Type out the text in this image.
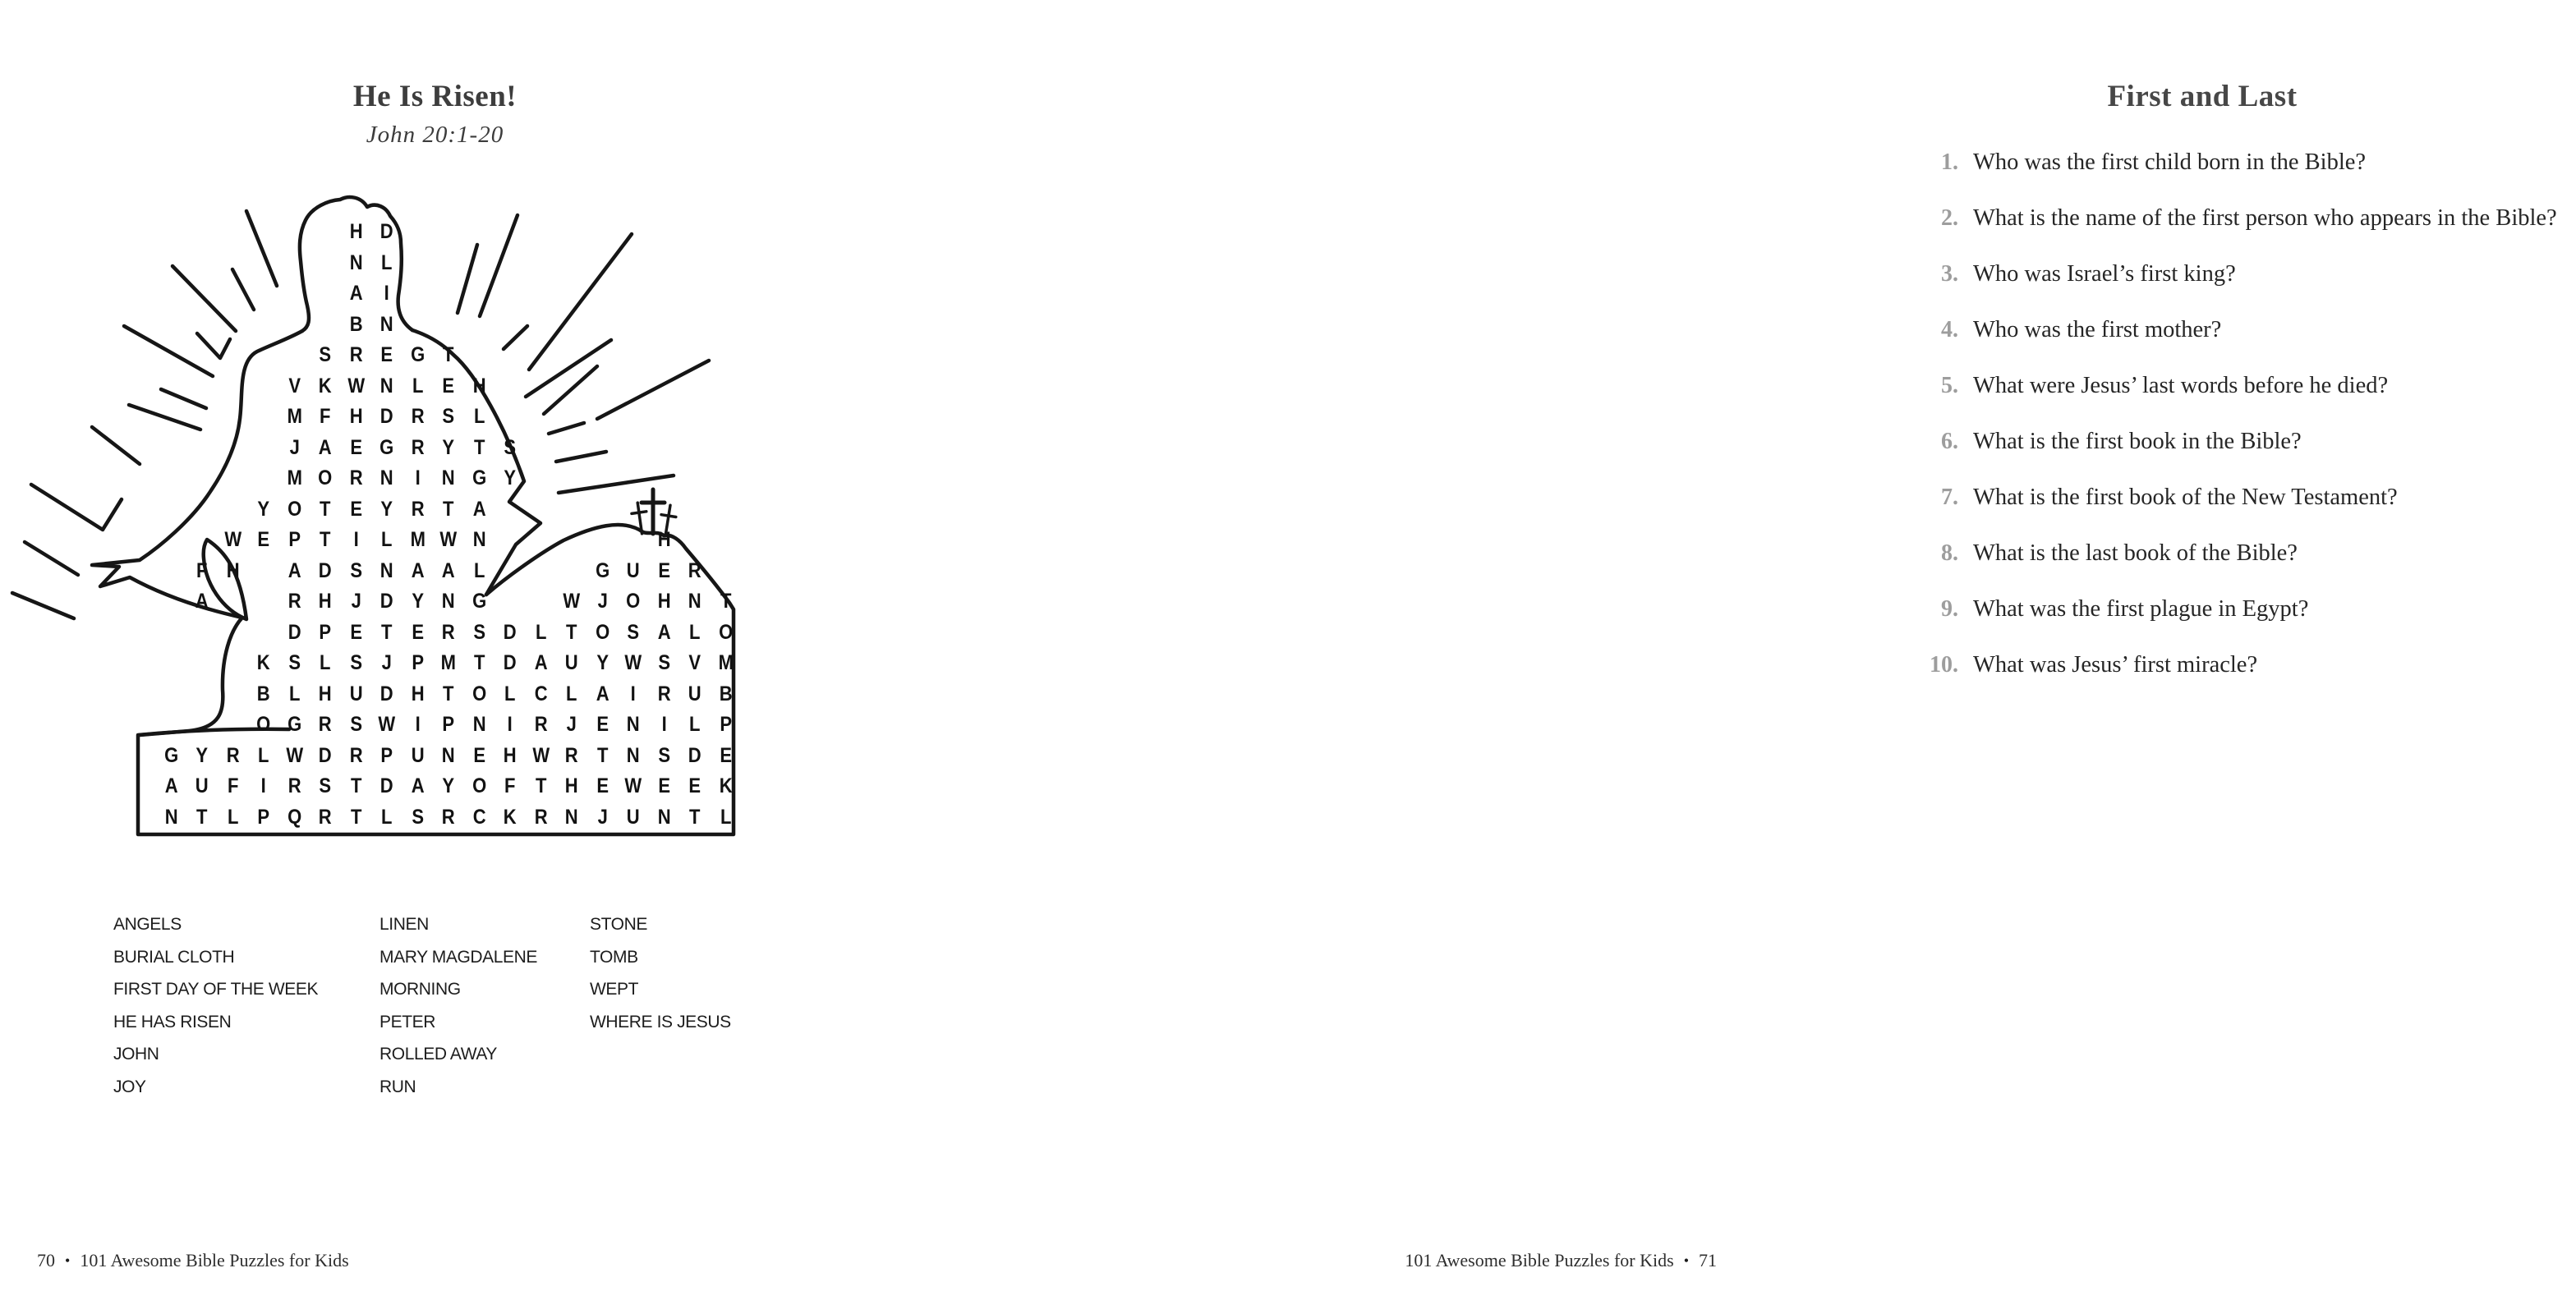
He Is Risen!
John 20:1-20
H D
N L
A	I
B N
S R E G T
V K W N L E H
M F H D R S L
J A E G R Y T S
M O R N	I	N G Y
Y O T E Y R T A
W E P T	I	L M W N	H
F H	A D S N A A L	G U E R
A	R H J D Y N G	W J O H N T
D P E T E R S D L T O S A L O
K S L S J P M T D A U Y W S V M
B L H U D H T O L C L A	I	R U B
O G R S W I	P N	I	R J E N	I	L P
G Y R L W D R P U N E H W R T N S D E
A U F	I	R S T D A Y O F T H E W E E K
N T L P Q R T L S R C K R N J U N T L
ANGELS
BURIAL CLOTH
FIRST DAY OF THE WEEK
HE HAS RISEN
JOHN
JOY
LINEN
MARY MAGDALENE
MORNING
PETER
ROLLED AWAY
RUN
STONE
TOMB
WEPT
WHERE IS JESUS
70 • 101 Awesome Bible Puzzles for Kids
First and Last
1. Who was the first child born in the Bible?
2. What is the name of the first person who appears in the Bible?
3. Who was Israel’s first king?
4. Who was the first mother?
5. What were Jesus’ last words before he died?
6. What is the first book in the Bible?
7. What is the first book of the New Testament?
8. What is the last book of the Bible?
9. What was the first plague in Egypt?
10. What was Jesus’ first miracle?
101 Awesome Bible Puzzles for Kids • 71
